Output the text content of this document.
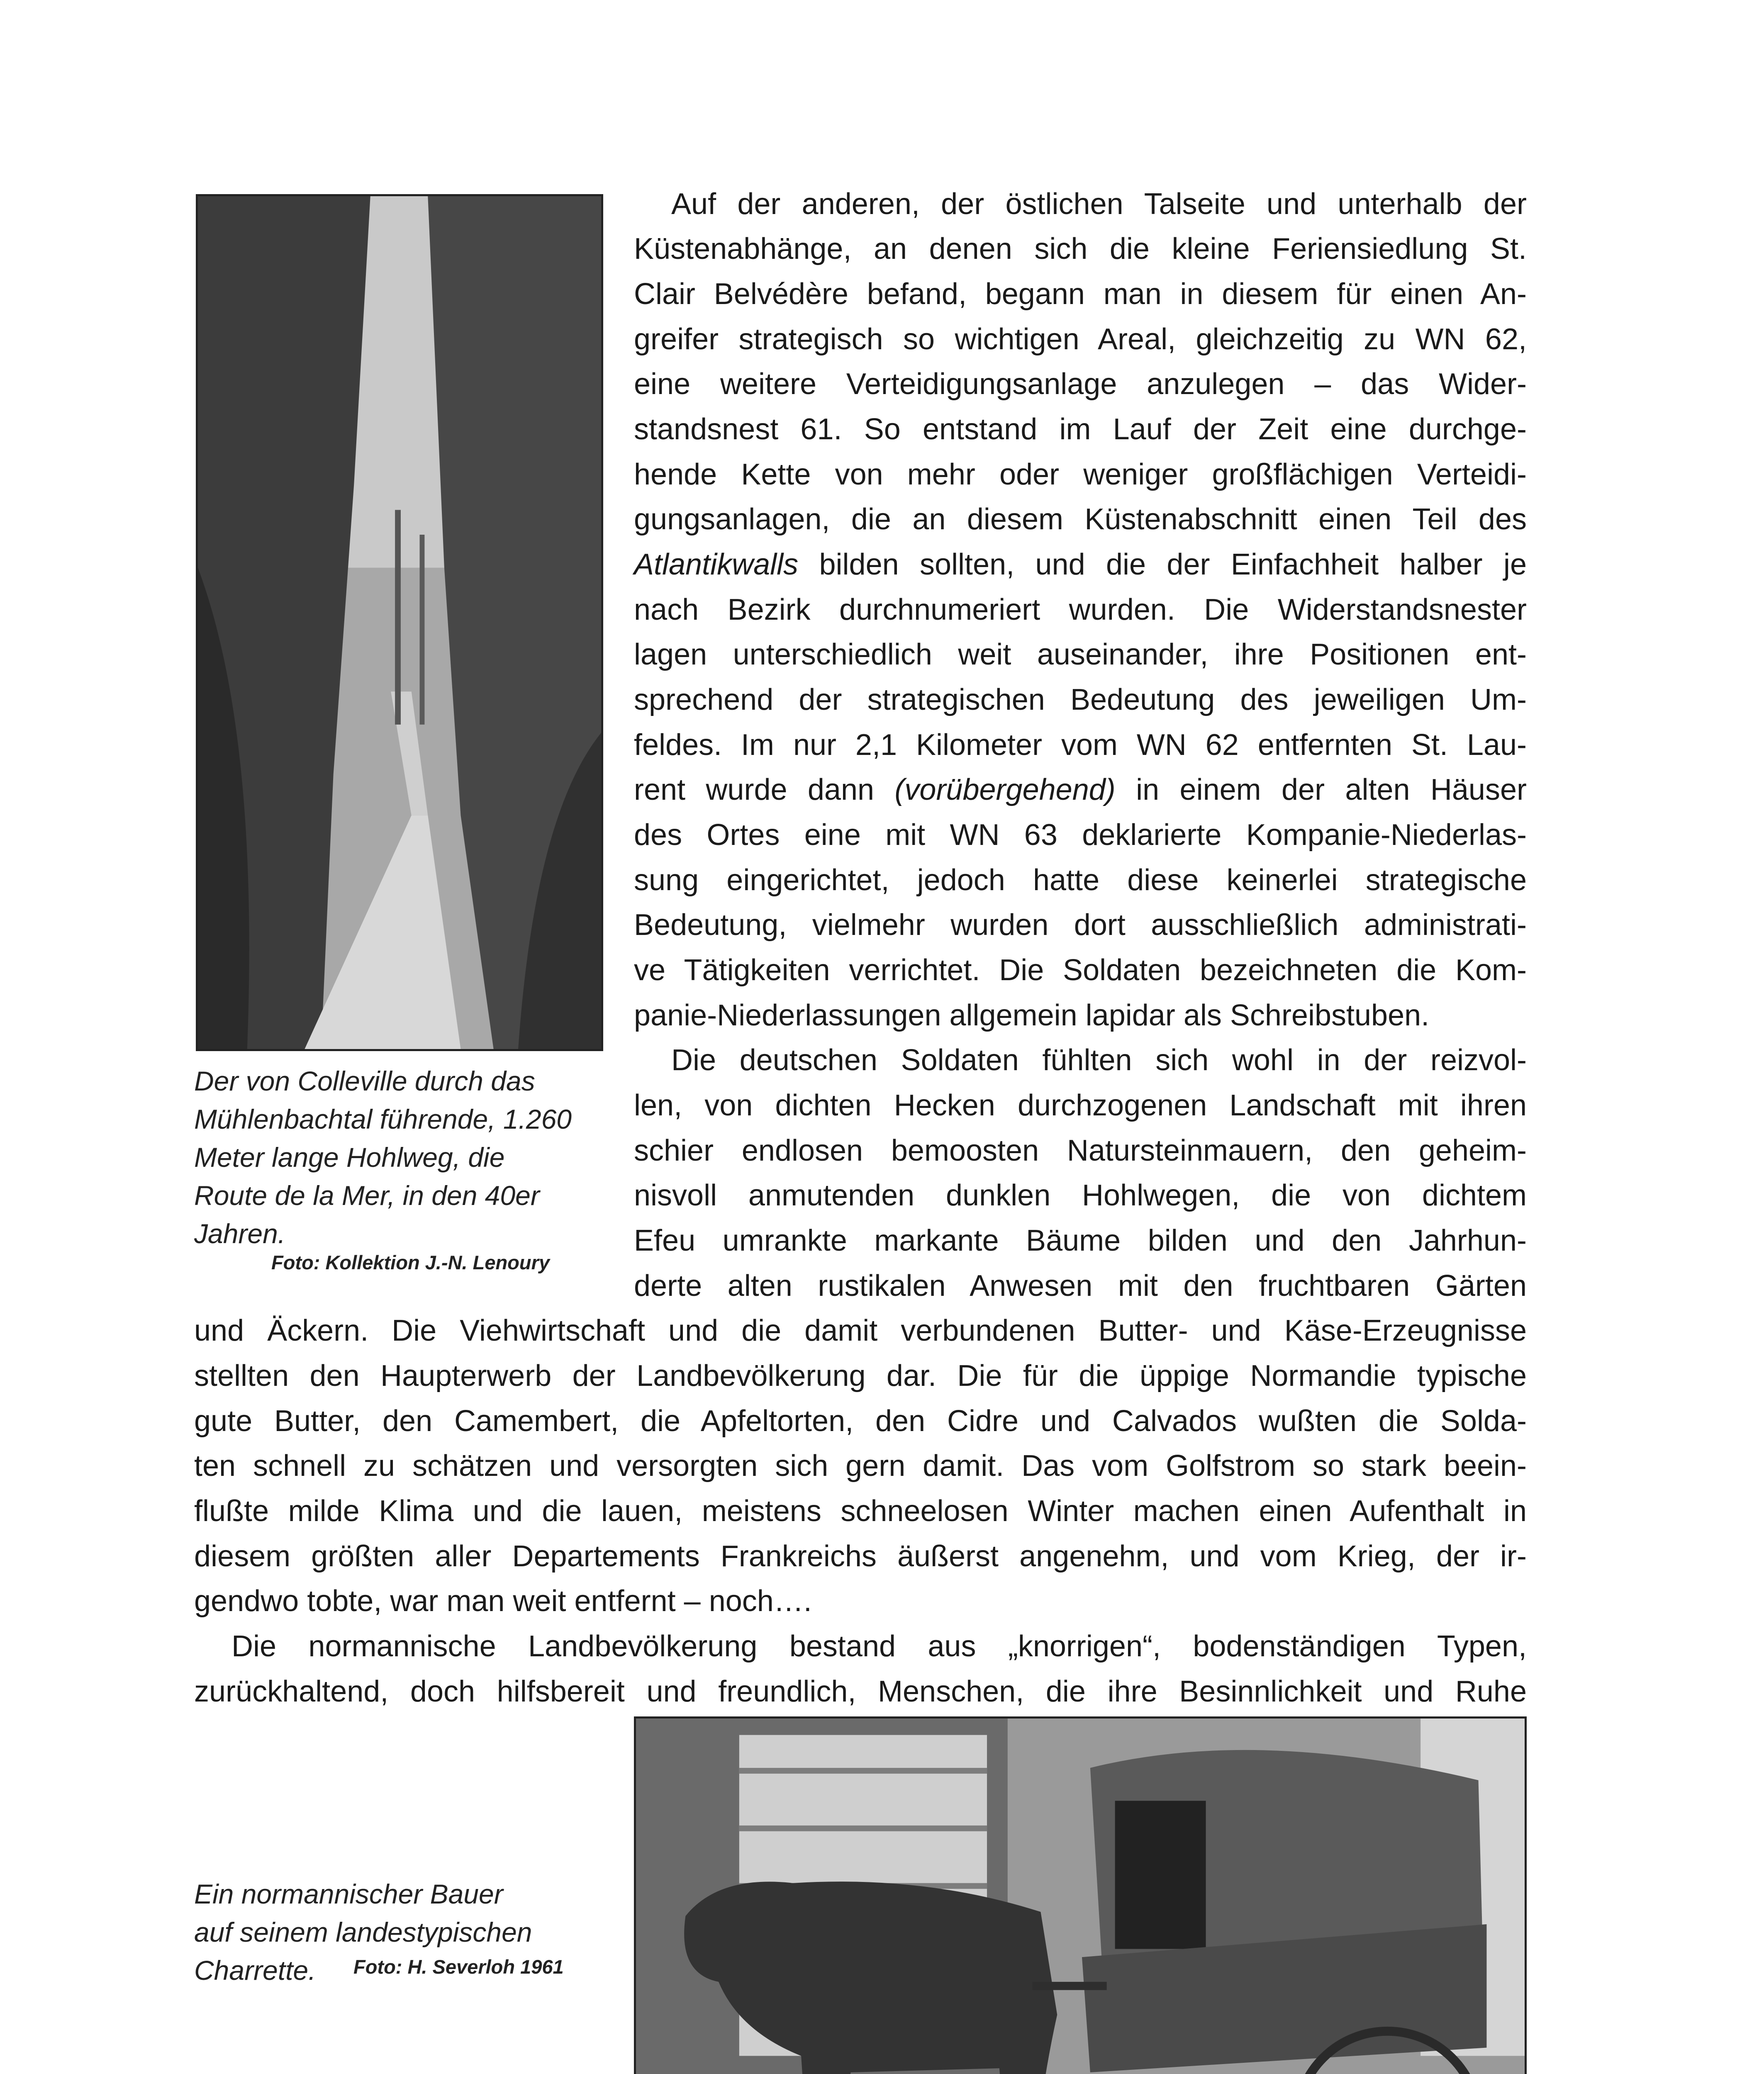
Der von Colleville durch das
Mühlenbachtal führende, 1.260
Meter lange Hohlweg, die
Route de la Mer, in den 40er
Jahren.

Foto: Kollektion J.-N. Lenoury

Auf der anderen, der östlichen Talseite und unterhalb der

Küstenabhänge, an denen sich die kleine Feriensiedlung St.

Clair Belvédère befand, begann man in diesem für einen An-

greifer strategisch so wichtigen Areal, gleichzeitig zu WN 62,

eine weitere Verteidigungsanlage anzulegen – das Wider-

standsnest 61. So entstand im Lauf der Zeit eine durchge-

hende Kette von mehr oder weniger großflächigen Verteidi-

gungsanlagen, die an diesem Küstenabschnitt einen Teil des

Atlantikwalls bilden sollten, und die der Einfachheit halber je

nach Bezirk durchnumeriert wurden. Die Widerstandsnester

lagen unterschiedlich weit auseinander, ihre Positionen ent-

sprechend der strategischen Bedeutung des jeweiligen Um-

feldes. Im nur 2,1 Kilometer vom WN 62 entfernten St. Lau-

rent wurde dann (vorübergehend) in einem der alten Häuser

des Ortes eine mit WN 63 deklarierte Kompanie-Niederlas-

sung eingerichtet, jedoch hatte diese keinerlei strategische

Bedeutung, vielmehr wurden dort ausschließlich administrati-

ve Tätigkeiten verrichtet. Die Soldaten bezeichneten die Kom-

panie-Niederlassungen allgemein lapidar als Schreibstuben.

Die deutschen Soldaten fühlten sich wohl in der reizvol-

len, von dichten Hecken durchzogenen Landschaft mit ihren

schier endlosen bemoosten Natursteinmauern, den geheim-

nisvoll anmutenden dunklen Hohlwegen, die von dichtem

Efeu umrankte markante Bäume bilden und den Jahrhun-

derte alten rustikalen Anwesen mit den fruchtbaren Gärten

und Äckern. Die Viehwirtschaft und die damit verbundenen Butter- und Käse-Erzeugnisse

stellten den Haupterwerb der Landbevölkerung dar. Die für die üppige Normandie typische

gute Butter, den Camembert, die Apfeltorten, den Cidre und Calvados wußten die Solda-

ten schnell zu schätzen und versorgten sich gern damit. Das vom Golfstrom so stark beein-

flußte milde Klima und die lauen, meistens schneelosen Winter machen einen Aufenthalt in

diesem größten aller Departements Frankreichs äußerst angenehm, und vom Krieg, der ir-

gendwo tobte, war man weit entfernt – noch….

Die normannische Landbevölkerung bestand aus „knorrigen“, bodenständigen Typen,

zurückhaltend, doch hilfsbereit und freundlich, Menschen, die ihre Besinnlichkeit und Ruhe

Ein normannischer Bauer
auf seinem landestypischen
Charrette.	Foto: H. Severloh 1961
